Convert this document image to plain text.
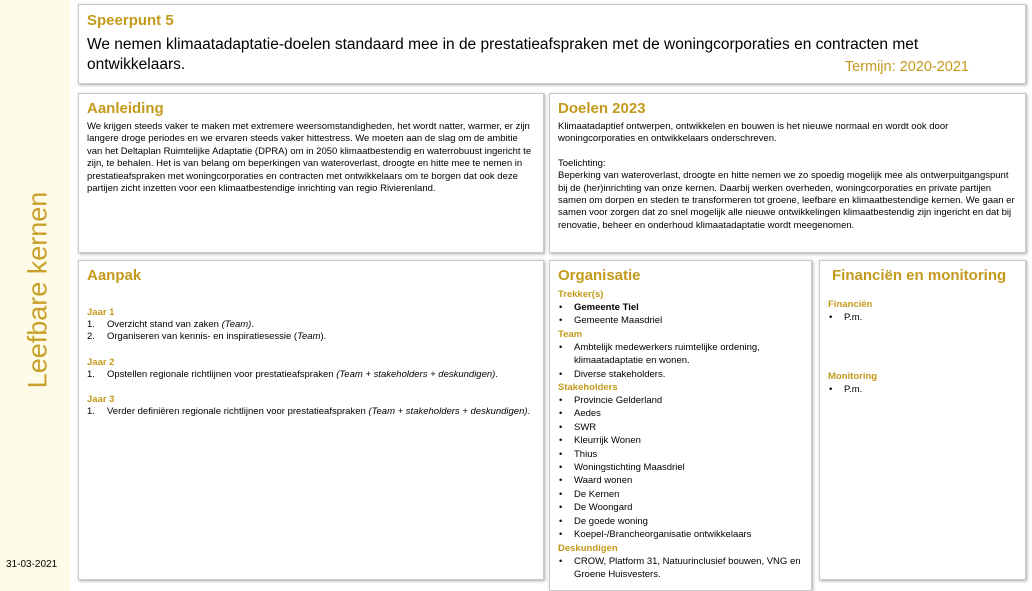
Leefbare kernen
31-03-2021
Speerpunt 5
We nemen klimaatadaptatie-doelen standaard mee in de prestatieafspraken met de woningcorporaties en contracten met ontwikkelaars.	Termijn: 2020-2021
Aanleiding
We krijgen steeds vaker te maken met extremere weersomstandigheden, het wordt natter, warmer, er zijn langere droge periodes en we ervaren steeds vaker hittestress. We moeten aan de slag om de ambitie van het Deltaplan Ruimtelijke Adaptatie (DPRA) om in 2050 klimaatbestendig en waterrobuust ingericht te zijn, te behalen. Het is van belang om beperkingen van wateroverlast, droogte en hitte mee te nemen in prestatieafspraken met woningcorporaties en contracten met ontwikkelaars om te borgen dat ook deze partijen zicht inzetten voor een klimaatbestendige inrichting van regio Rivierenland.
Doelen 2023
Klimaatadaptief ontwerpen, ontwikkelen en bouwen is het nieuwe normaal en wordt ook door woningcorporaties en ontwikkelaars onderschreven.
Toelichting:
Beperking van wateroverlast, droogte en hitte nemen we zo spoedig mogelijk mee als ontwerpuitgangspunt bij de (her)inrichting van onze kernen. Daarbij werken overheden, woningcorporaties en private partijen samen om dorpen en steden te transformeren tot groene, leefbare en klimaatbestendige kernen. We gaan er samen voor zorgen dat zo snel mogelijk alle nieuwe ontwikkelingen klimaatbestendig zijn ingericht en dat bij renovatie, beheer en onderhoud klimaatadaptatie wordt meegenomen.
Aanpak
Jaar 1
1.	Overzicht stand van zaken (Team).
2.	Organiseren van kennis- en inspiratiesessie (Team).
Jaar 2
1.	Opstellen regionale richtlijnen voor prestatieafspraken (Team + stakeholders + deskundigen).
Jaar 3
1.	Verder definiëren regionale richtlijnen voor prestatieafspraken (Team + stakeholders + deskundigen).
Organisatie
Trekker(s)
•	Gemeente Tiel
•	Gemeente Maasdriel
Team
•	Ambtelijk medewerkers ruimtelijke ordening, klimaatadaptatie en wonen.
•	Diverse stakeholders.
Stakeholders
•	Provincie Gelderland
•	Aedes
•	SWR
•	Kleurrijk Wonen
•	Thius
•	Woningstichting Maasdriel
•	Waard wonen
•	De Kernen
•	De Woongard
•	De goede woning
•	Koepel-/Brancheorganisatie ontwikkelaars
Deskundigen
•	CROW, Platform 31, Natuurinclusief bouwen, VNG en Groene Huisvesters.
Financiën en monitoring
Financiën
•	P.m.
Monitoring
•	P.m.
